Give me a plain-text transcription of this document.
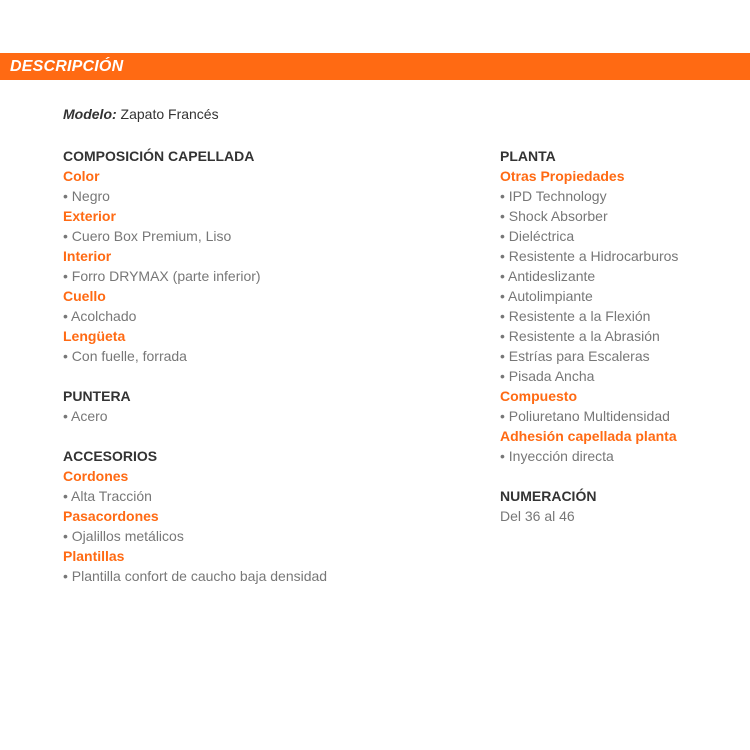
DESCRIPCIÓN
Modelo: Zapato Francés
COMPOSICIÓN CAPELLADA
Color
• Negro
Exterior
• Cuero Box Premium, Liso
Interior
• Forro DRYMAX (parte inferior)
Cuello
• Acolchado
Lengüeta
• Con fuelle, forrada
PUNTERA
• Acero
ACCESORIOS
Cordones
• Alta Tracción
Pasacordones
• Ojalillos metálicos
Plantillas
• Plantilla confort de caucho baja densidad
PLANTA
Otras Propiedades
• IPD Technology
• Shock Absorber
• Dieléctrica
• Resistente a Hidrocarburos
• Antideslizante
• Autolimpiante
• Resistente a la Flexión
• Resistente a la Abrasión
• Estrías para Escaleras
• Pisada Ancha
Compuesto
• Poliuretano Multidensidad
Adhesión capellada planta
• Inyección directa
NUMERACIÓN
Del 36 al 46
